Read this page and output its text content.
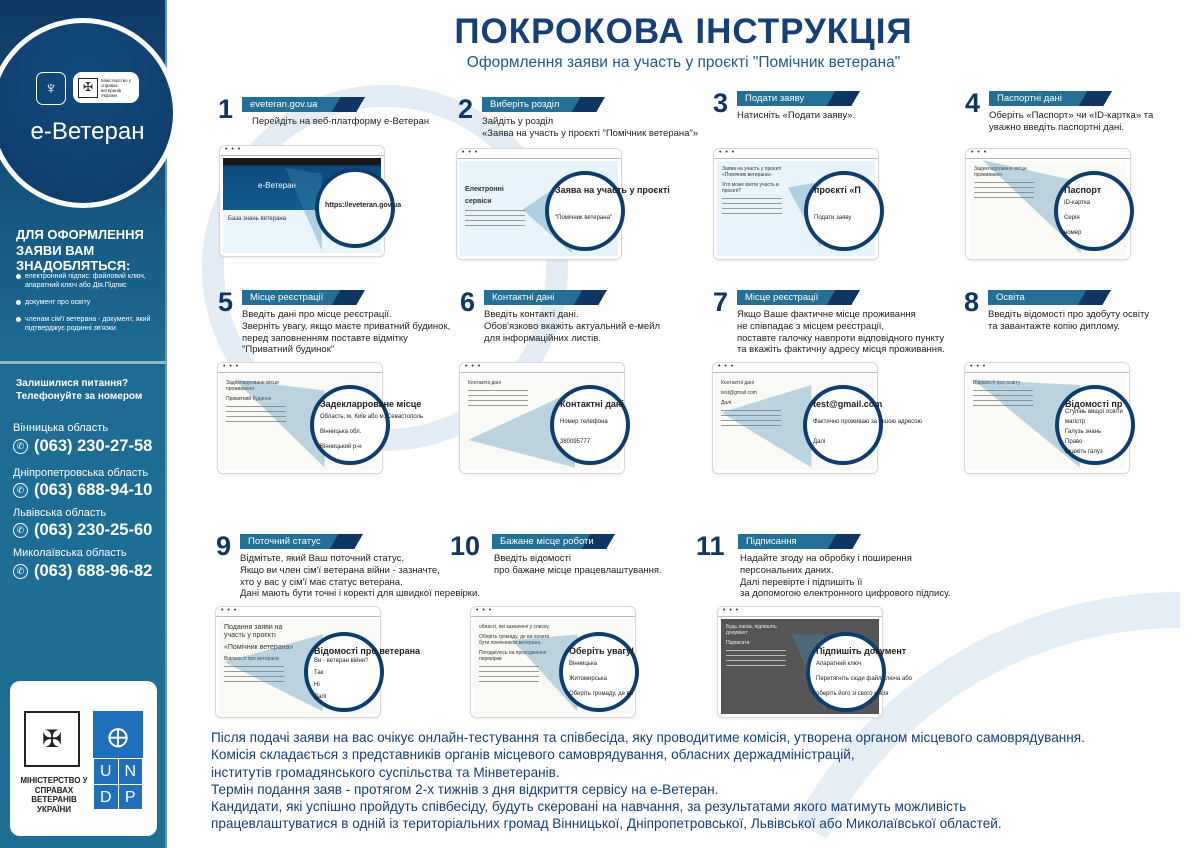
♆	✠	Міністерство у справах ветеранів України
е-Ветеран
ДЛЯ ОФОРМЛЕННЯ ЗАЯВИ ВАМ ЗНАДОБЛЯТЬСЯ:
електронний підпис: файловий ключ, апаратний ключ або Дія.Підпис
документ про освіту
членам сім'ї ветерана - документ, який підтверджує родинні зв'язки
Залишилися питання? Телефонуйте за номером
Вінницька область
✆ (063) 230-27-58
Дніпропетровська область
✆ (063) 688-94-10
Львівська область
✆ (063) 230-25-60
Миколаївська область
✆ (063) 688-96-82
✠
МІНІСТЕРСТВО У СПРАВАХ ВЕТЕРАНІВ УКРАЇНИ
🜨
U N
D P
ПОКРОКОВА ІНСТРУКЦІЯ
Оформлення заяви на участь у проєкті "Помічник ветерана"
1	eveteran.gov.ua
Перейдіть на веб-платформу е-Ветеран
• • •
е-Ветеран
База знань ветерана
https://eveteran.gov.ua
2	Виберіть розділ
Зайдіть у розділ
«Заява на участь у проєкті "Помічник ветерана"»
• • •
Електронні
сервіси
Заява на участь у проєкті
"Помічник ветерана"
3	Подати заяву
Натисніть «Подати заяву».
• • •
Заява на участь у проєкті «Помічник ветерана»
Хто може взяти участь в проєкті?	проєкті «П
Подати заяву
4	Паспортні дані
Оберіть «Паспорт» чи «ID-картка» та
уважно введіть паспортні дані.
• • •
Задекларроване місце проживання
Паспорт
ID-картка
Серія
номер
5	Місце реєстрації
Введіть дані про місце реєстрації.
Зверніть увагу, якщо маєте приватний будинок,
перед заповненням поставте відмітку
"Приватний будинок"
• • •
Задекларроване місце проживання
Приватний будинок	Задекларроване місце
Область, м. Київ або м. Севастополь
Вінницька обл.
Вінницький р-н
6	Контактні дані
Введіть контакті дані.
Обов'язково вкажіть актуальний е-мейл
для інформаційних листів.
• • •
Контактні дані
Контактні дані
Номер телефона
380095777
7	Місце реєстрації
Якщо Ваше фактичне місце проживання
не співпадає з місцем реєстрації,
поставте галочку навпроти відповідного пункту
та вкажіть фактичну адресу місця проживання.
• • •
Контактні дані
test@gmail.com
Далі	test@gmail.com
Фактично проживаю за іншою адресою
Далі
8	Освіта
Введіть відомості про здобуту освіту
та завантажте копію диплому.
• • •
Відомості про освіту
Відомості пр
Ступінь вищої освіти
магістр
Галузь знань
Право
Вкажіть галуз
9	Поточний статус
Відмітьте, який Ваш поточний статус.
Якщо ви член сім'ї ветерана війни - зазначте,
хто у вас у сім'ї має статус ветерана.
Дані мають бути точні і коректі для швидкої перевірки.
• • •
Подання заяви на участь у проєкті
«Помічник ветерана»
Відомості про ветерана
Відомості про ветерана
Ви - ветеран війни?
Так
Ні
Далі
10	Бажане місце роботи
Введіть відомості
про бажане місце працевлаштування.
• • •
області, які зазначені у списку.
Оберіть громаду, де ви хочете бути помічником ветерана.
Погоджуюсь на проходження перевірки
Оберіть увагу!
Вінницька
Житомирська
Оберіть громаду, де ви
11	Підписання
Надайте згоду на обробку і поширення
персональних даних.
Далі перевірте і підпишіть її
за допомогою електронного цифрового підпису.
• • •
Будь ласка, підпишіть документ
Підписати
Підпишіть документ
Апаратний ключ
Перетягніть сюди файл ключа або
оберіть його зі свого носія
Після подачі заяви на вас очікує онлайн-тестування та співбесіда, яку проводитиме комісія, утворена органом місцевого самоврядування.
Комісія складається з представників органів місцевого самоврядування, обласних держадміністрацій,
інститутів громадянського суспільства та Мінветеранів.
Термін подання заяв - протягом 2-х тижнів з дня відкриття сервісу на е-Ветеран.
Кандидати, які успішно пройдуть співбесіду, будуть скеровані на навчання, за результатами якого матимуть можливість
працевлаштуватися в одній із територіальних громад Вінницької, Дніпропетровської, Львівської або Миколаївської областей.
